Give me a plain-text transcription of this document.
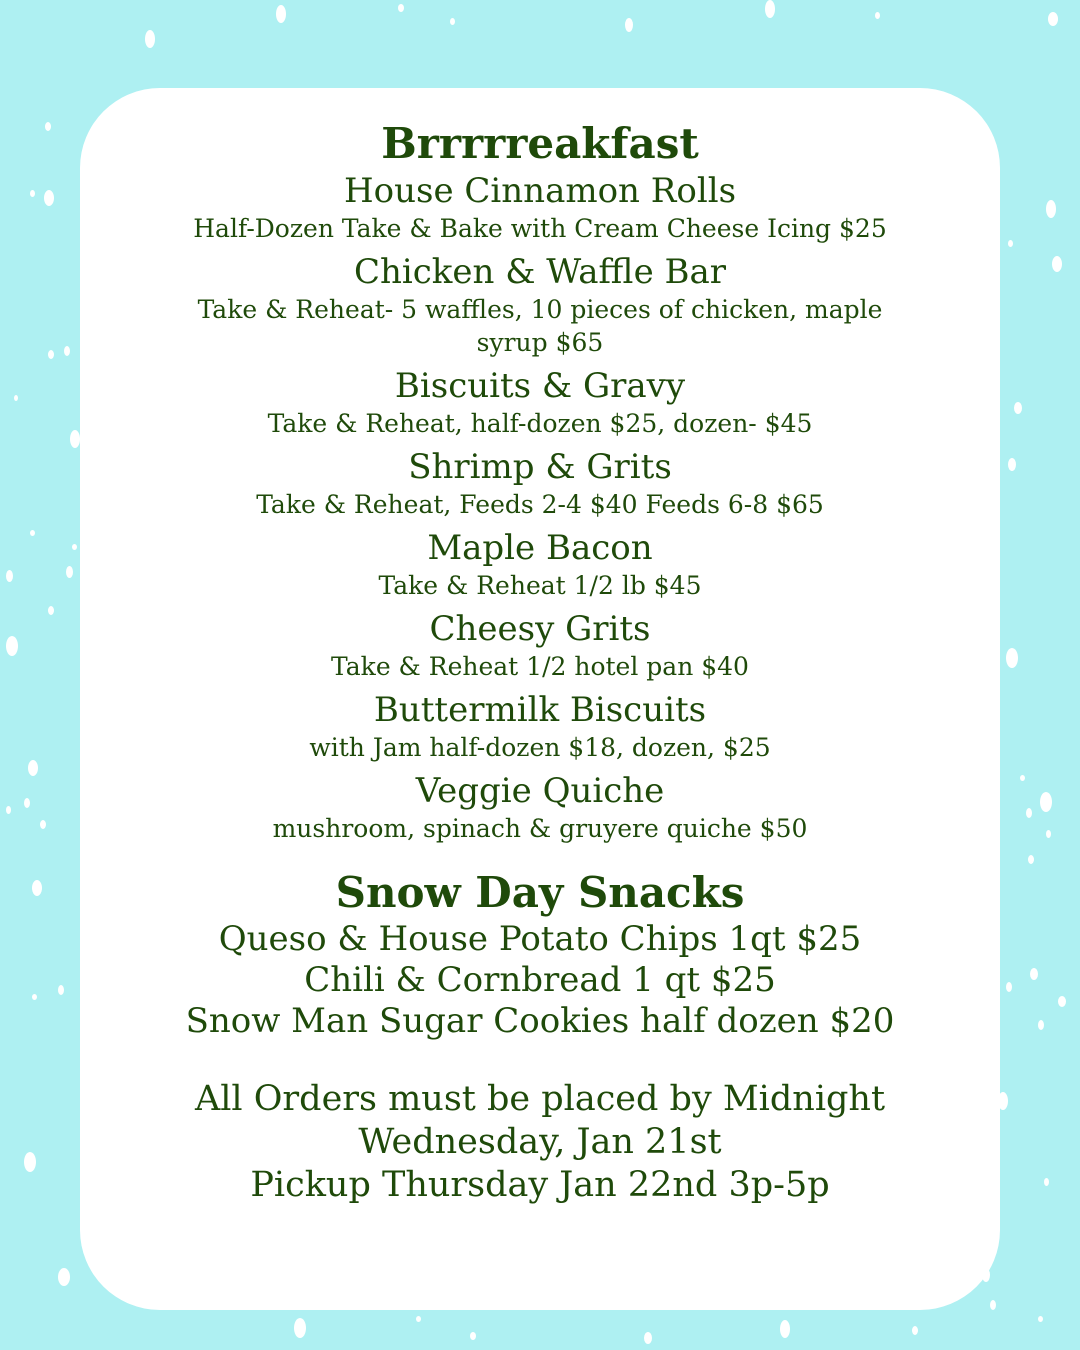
Brrrrreakfast
House Cinnamon Rolls
Half-Dozen Take & Bake with Cream Cheese Icing $25
Chicken & Waffle Bar
Take & Reheat- 5 waffles, 10 pieces of chicken, maple syrup $65
Biscuits & Gravy
Take & Reheat, half-dozen $25, dozen- $45
Shrimp & Grits
Take & Reheat, Feeds 2-4 $40 Feeds 6-8 $65
Maple Bacon
Take & Reheat 1/2 lb $45
Cheesy Grits
Take & Reheat 1/2 hotel pan $40
Buttermilk Biscuits
with Jam half-dozen $18, dozen, $25
Veggie Quiche
mushroom, spinach & gruyere quiche $50
Snow Day Snacks
Queso & House Potato Chips 1qt $25
Chili & Cornbread 1 qt $25
Snow Man Sugar Cookies half dozen $20
All Orders must be placed by Midnight
Wednesday, Jan 21st
Pickup Thursday Jan 22nd 3p-5p
